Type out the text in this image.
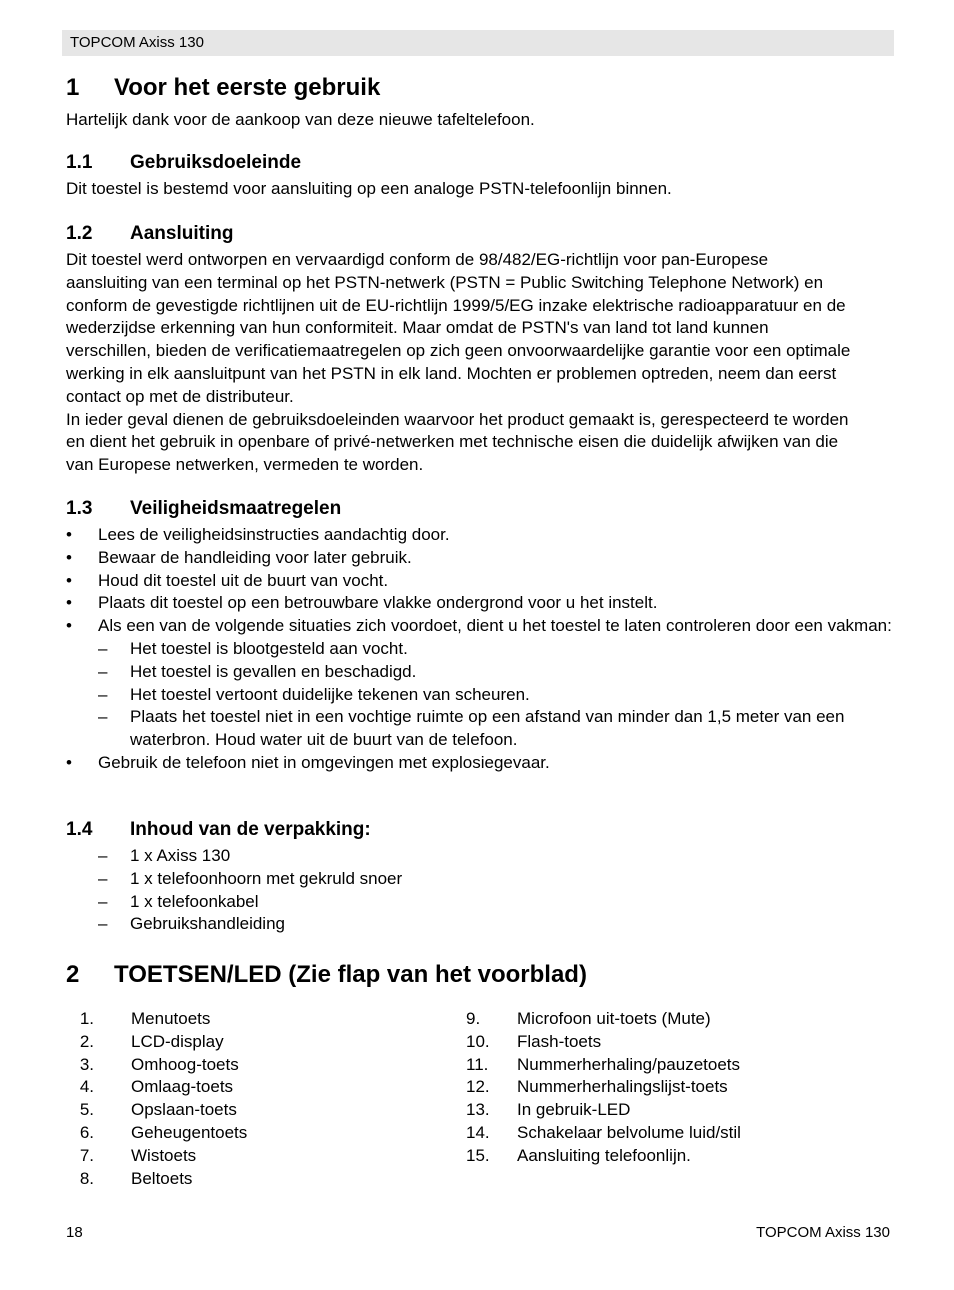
TOPCOM Axiss 130
1 Voor het eerste gebruik
Hartelijk dank voor de aankoop van deze nieuwe tafeltelefoon.
1.1 Gebruiksdoeleinde
Dit toestel is bestemd voor aansluiting op een analoge PSTN-telefoonlijn binnen.
1.2 Aansluiting

Dit toestel werd ontworpen en vervaardigd conform de 98/482/EG-richtlijn voor pan-Europese

aansluiting van een terminal op het PSTN-netwerk (PSTN = Public Switching Telephone Network) en

conform de gevestigde richtlijnen uit de EU-richtlijn 1999/5/EG inzake elektrische radioapparatuur en de

wederzijdse erkenning van hun conformiteit. Maar omdat de PSTN's van land tot land kunnen

verschillen, bieden de verificatiemaatregelen op zich geen onvoorwaardelijke garantie voor een optimale

werking in elk aansluitpunt van het PSTN in elk land. Mochten er problemen optreden, neem dan eerst

contact op met de distributeur.

In ieder geval dienen de gebruiksdoeleinden waarvoor het product gemaakt is, gerespecteerd te worden

en dient het gebruik in openbare of privé-netwerken met technische eisen die duidelijk afwijken van die

van Europese netwerken, vermeden te worden.

1.3 Veiligheidsmaatregelen
•	Lees de veiligheidsinstructies aandachtig door.
•	Bewaar de handleiding voor later gebruik.
•	Houd dit toestel uit de buurt van vocht.
•	Plaats dit toestel op een betrouwbare vlakke ondergrond voor u het instelt.
•	Als een van de volgende situaties zich voordoet, dient u het toestel te laten controleren door een vakman:
–	Het toestel is blootgesteld aan vocht.
–	Het toestel is gevallen en beschadigd.
–	Het toestel vertoont duidelijke tekenen van scheuren.
–	Plaats het toestel niet in een vochtige ruimte op een afstand van minder dan 1,5 meter van een waterbron. Houd water uit de buurt van de telefoon.
•	Gebruik de telefoon niet in omgevingen met explosiegevaar.
1.4 Inhoud van de verpakking:
–	1 x Axiss 130
–	1 x telefoonhoorn met gekruld snoer
–	1 x telefoonkabel
–	Gebruikshandleiding
2 TOETSEN/LED (Zie flap van het voorblad)
1. Menutoets
2. LCD-display
3. Omhoog-toets
4. Omlaag-toets
5. Opslaan-toets
6. Geheugentoets
7. Wistoets
8. Beltoets
9.	Microfoon uit-toets (Mute)
10.	Flash-toets
11.	Nummerherhaling/pauzetoets
12.	Nummerherhalingslijst-toets
13.	In gebruik-LED
14.	Schakelaar belvolume luid/stil
15.	Aansluiting telefoonlijn.
18	TOPCOM Axiss 130
